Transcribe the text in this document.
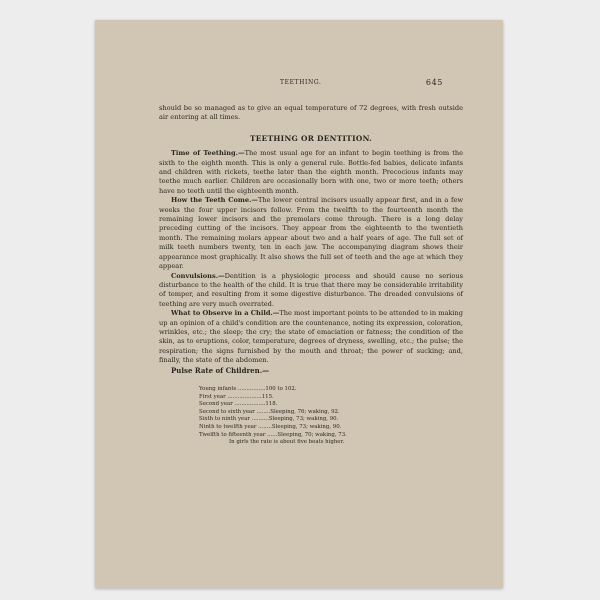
TEETHING.	645

should be so managed as to give an equal temperature of 72 degrees, with fresh outside air entering at all times.

TEETHING OR DENTITION.

Time of Teething.—The most usual age for an infant to begin teething is from the sixth to the eighth month. This is only a general rule. Bottle-fed babies, delicate infants and children with rickets, teethe later than the eighth month. Precocious infants may teethe much earlier. Children are occasionally born with one, two or more teeth; others have no teeth until the eighteenth month.

How the Teeth Come.—The lower central incisors usually appear first, and in a few weeks the four upper incisors follow. From the twelfth to the fourteenth month the remaining lower incisors and the premolars come through. There is a long delay preceding cutting of the incisors. They appear from the eighteenth to the twentieth month. The remaining molars appear about two and a half years of age. The full set of milk teeth numbers twenty, ten in each jaw. The accompanying diagram shows their appearance most graphically. It also shows the full set of teeth and the age at which they appear.

Convulsions.—Dentition is a physiologic process and should cause no serious disturbance to the health of the child. It is true that there may be considerable irritability of temper, and resulting from it some digestive disturbance. The dreaded convulsions of teething are very much overrated.

What to Observe in a Child.—The most important points to be attended to in making up an opinion of a child's condition are the countenance, noting its expression, coloration, wrinkles, etc.; the sleep; the cry; the state of emaciation or fatness; the condition of the skin, as to eruptions, color, temperature, degrees of dryness, swelling, etc.; the pulse; the respiration; the signs furnished by the mouth and throat; the power of sucking; and, finally, the state of the abdomen.

Pulse Rate of Children.—

Young infants ................100 to 102.
First year ....................115.
Second year ..................118.
Second to sixth year ........Sleeping, 76; waking, 92.
Sixth to ninth year ..........Sleeping, 73; waking, 90.
Ninth to twelfth year ........Sleeping, 73; waking, 90.
Twelfth to fifteenth year ......Sleeping, 70; waking, 73.
In girls the rate is about five beats higher.
